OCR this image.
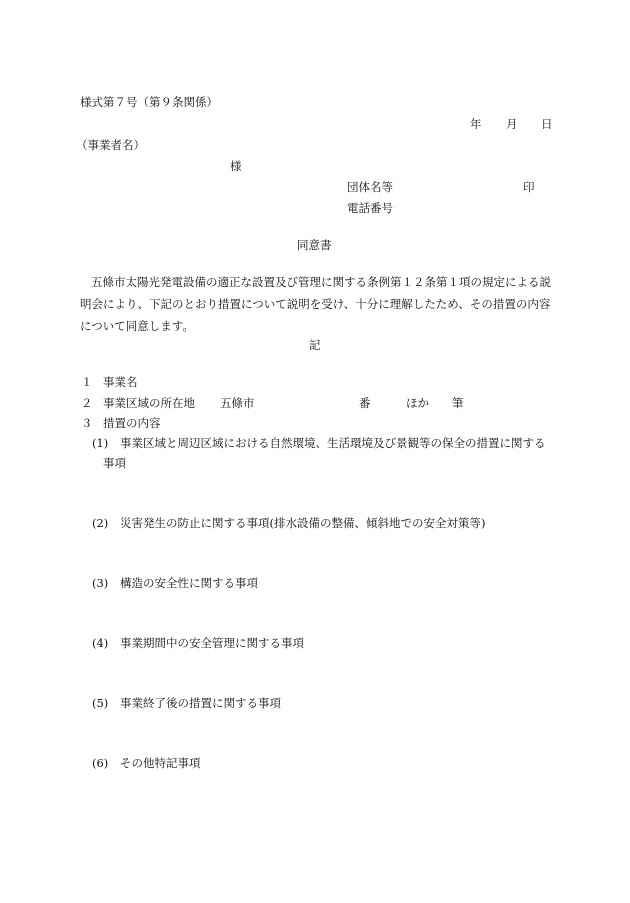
様式第７号（第９条関係）
年 月 日
（事業者名）
様
団体名等	印
電話番号
同意書
五條市太陽光発電設備の適正な設置及び管理に関する条例第１２条第１項の規定による説明会により、下記のとおり措置について説明を受け、十分に理解したため、その措置の内容について同意します。
記
１ 事業名
２ 事業区域の所在地 五條市	番	ほか 筆
３ 措置の内容
(1) 事業区域と周辺区域における自然環境、生活環境及び景観等の保全の措置に関する
事項
(2) 災害発生の防止に関する事項(排水設備の整備、傾斜地での安全対策等)
(3) 構造の安全性に関する事項
(4) 事業期間中の安全管理に関する事項
(5) 事業終了後の措置に関する事項
(6) その他特記事項
